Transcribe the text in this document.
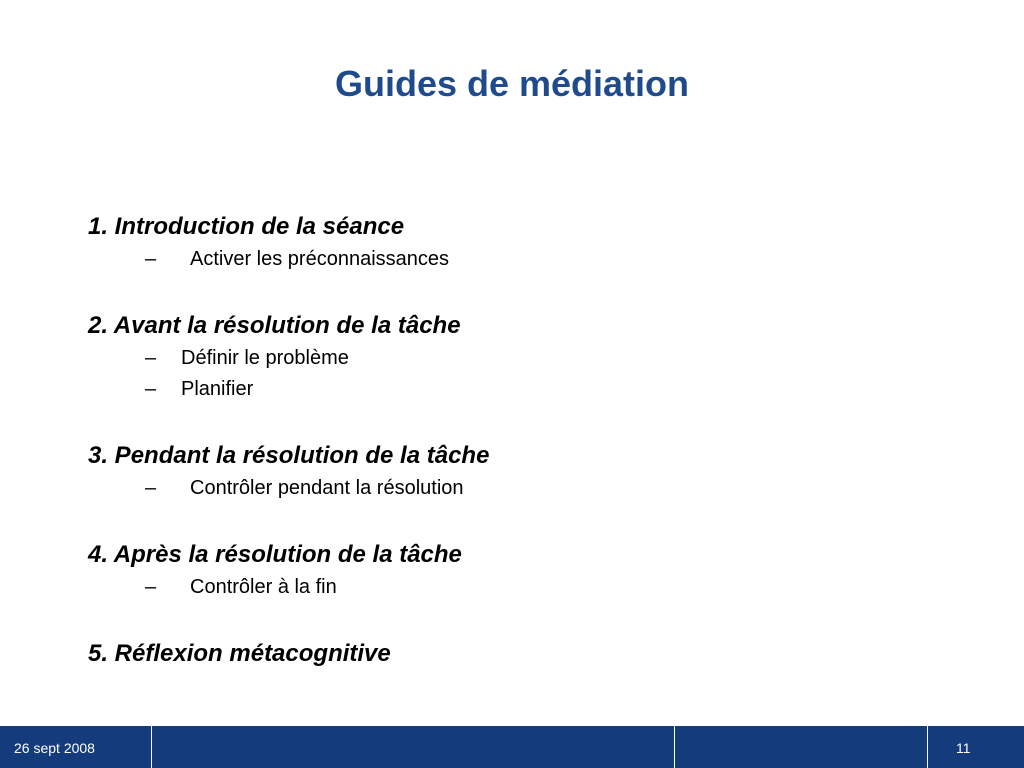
Guides de médiation
1. Introduction de la séance
– Activer les préconnaissances
2. Avant la résolution de la tâche
– Définir le problème
– Planifier
3. Pendant la résolution de la tâche
– Contrôler pendant la résolution
4. Après la résolution de la tâche
– Contrôler à la fin
5. Réflexion métacognitive
26 sept 2008	11
